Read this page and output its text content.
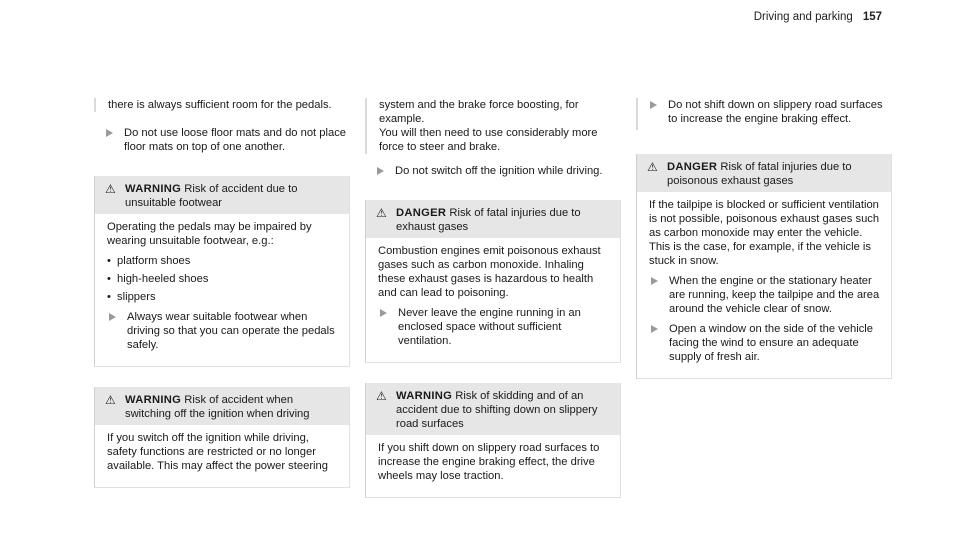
Driving and parking 157
there is always sufficient room for the pedals.
Do not use loose floor mats and do not place floor mats on top of one another.
⚠ WARNING Risk of accident due to unsuitable footwear

Operating the pedals may be impaired by wearing unsuitable footwear, e.g.:

• platform shoes
• high-heeled shoes
• slippers
Always wear suitable footwear when driving so that you can operate the pedals safely.
⚠ WARNING Risk of accident when switching off the ignition when driving

If you switch off the ignition while driving, safety functions are restricted or no longer available. This may affect the power steering

system and the brake force boosting, for example.

You will then need to use considerably more force to steer and brake.

Do not switch off the ignition while driving.
⚠ DANGER Risk of fatal injuries due to exhaust gases

Combustion engines emit poisonous exhaust gases such as carbon monoxide. Inhaling these exhaust gases is hazardous to health and can lead to poisoning.

Never leave the engine running in an enclosed space without sufficient ventilation.
⚠ WARNING Risk of skidding and of an accident due to shifting down on slippery road surfaces

If you shift down on slippery road surfaces to increase the engine braking effect, the drive wheels may lose traction.

Do not shift down on slippery road surfaces to increase the engine braking effect.
⚠ DANGER Risk of fatal injuries due to poisonous exhaust gases

If the tailpipe is blocked or sufficient ventilation is not possible, poisonous exhaust gases such as carbon monoxide may enter the vehicle. This is the case, for example, if the vehicle is stuck in snow.

When the engine or the stationary heater are running, keep the tailpipe and the area around the vehicle clear of snow.
Open a window on the side of the vehicle facing the wind to ensure an adequate supply of fresh air.
